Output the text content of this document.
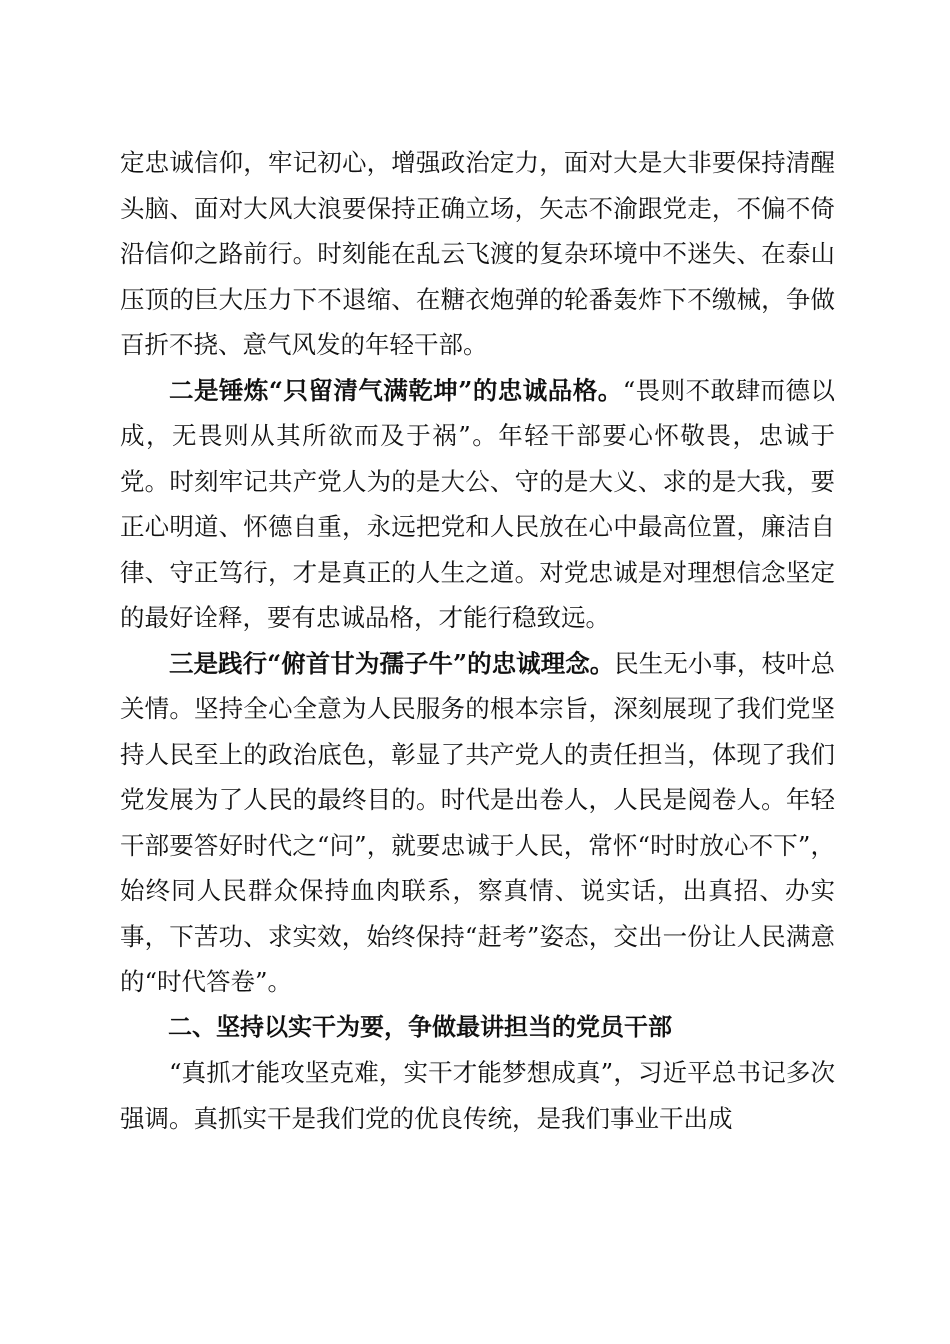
定忠诚信仰，牢记初心，增强政治定力，面对大是大非要保持清醒头脑、面对大风大浪要保持正确立场，矢志不渝跟党走，不偏不倚沿信仰之路前行。时刻能在乱云飞渡的复杂环境中不迷失、在泰山压顶的巨大压力下不退缩、在糖衣炮弹的轮番轰炸下不缴械，争做百折不挠、意气风发的年轻干部。

二是锤炼“只留清气满乾坤”的忠诚品格。“畏则不敢肆而德以成，无畏则从其所欲而及于祸”。年轻干部要心怀敬畏，忠诚于党。时刻牢记共产党人为的是大公、守的是大义、求的是大我，要正心明道、怀德自重，永远把党和人民放在心中最高位置，廉洁自律、守正笃行，才是真正的人生之道。对党忠诚是对理想信念坚定的最好诠释，要有忠诚品格，才能行稳致远。

三是践行“俯首甘为孺子牛”的忠诚理念。民生无小事，枝叶总关情。坚持全心全意为人民服务的根本宗旨，深刻展现了我们党坚持人民至上的政治底色，彰显了共产党人的责任担当，体现了我们党发展为了人民的最终目的。时代是出卷人，人民是阅卷人。年轻干部要答好时代之“问”，就要忠诚于人民，常怀“时时放心不下”，始终同人民群众保持血肉联系，察真情、说实话，出真招、办实事，下苦功、求实效，始终保持“赶考”姿态，交出一份让人民满意的“时代答卷”。

二、坚持以实干为要，争做最讲担当的党员干部

“真抓才能攻坚克难，实干才能梦想成真”，习近平总书记多次强调。真抓实干是我们党的优良传统，是我们事业干出成
